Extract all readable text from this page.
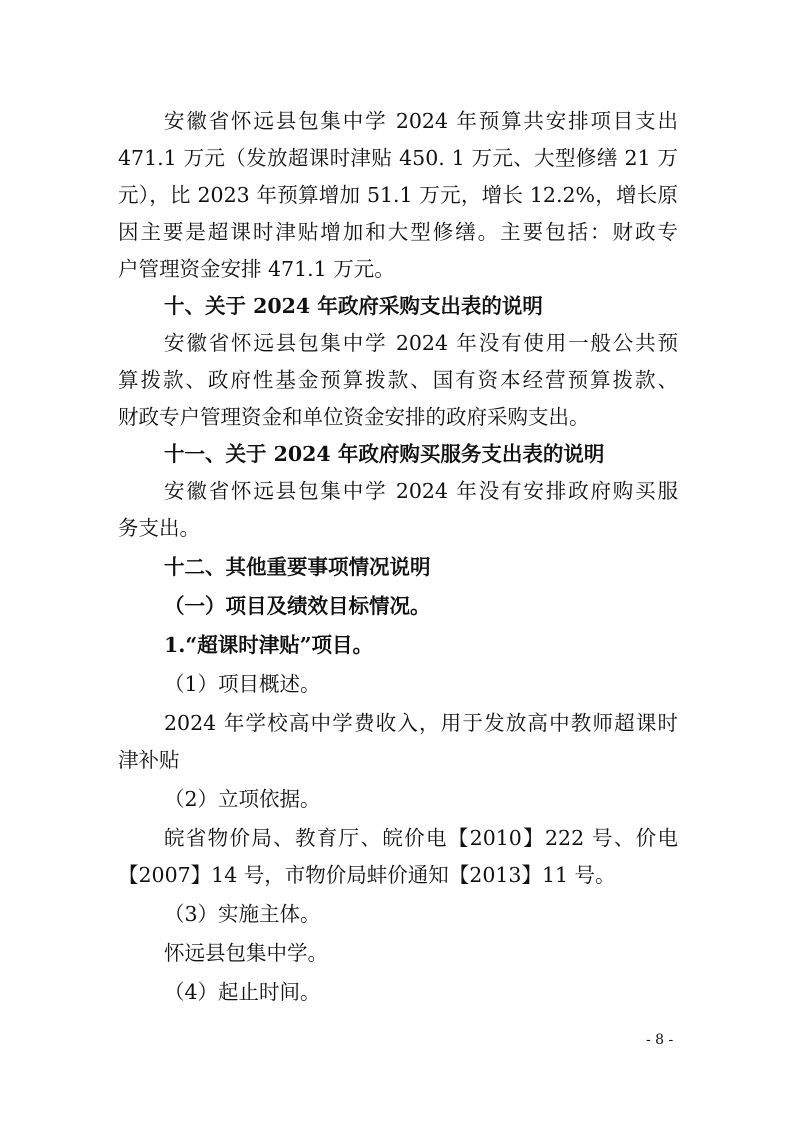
安徽省怀远县包集中学 2024 年预算共安排项目支出
471.1 万元（发放超课时津贴 450. 1 万元、大型修缮 21 万
元），比 2023 年预算增加 51.1 万元，增长 12.2%，增长原
因主要是超课时津贴增加和大型修缮。主要包括：财政专
户管理资金安排 471.1 万元。
十、关于 2024 年政府采购支出表的说明
安徽省怀远县包集中学 2024 年没有使用一般公共预
算拨款、政府性基金预算拨款、国有资本经营预算拨款、
财政专户管理资金和单位资金安排的政府采购支出。
十一、关于 2024 年政府购买服务支出表的说明
安徽省怀远县包集中学 2024 年没有安排政府购买服
务支出。
十二、其他重要事项情况说明
（一）项目及绩效目标情况。
1.“超课时津贴”项目。
（1）项目概述。
2024 年学校高中学费收入，用于发放高中教师超课时
津补贴
（2）立项依据。
皖省物价局、教育厅、皖价电【2010】222 号、价电
【2007】14 号，市物价局蚌价通知【2013】11 号。
（3）实施主体。
怀远县包集中学。
（4）起止时间。
- 8 -
